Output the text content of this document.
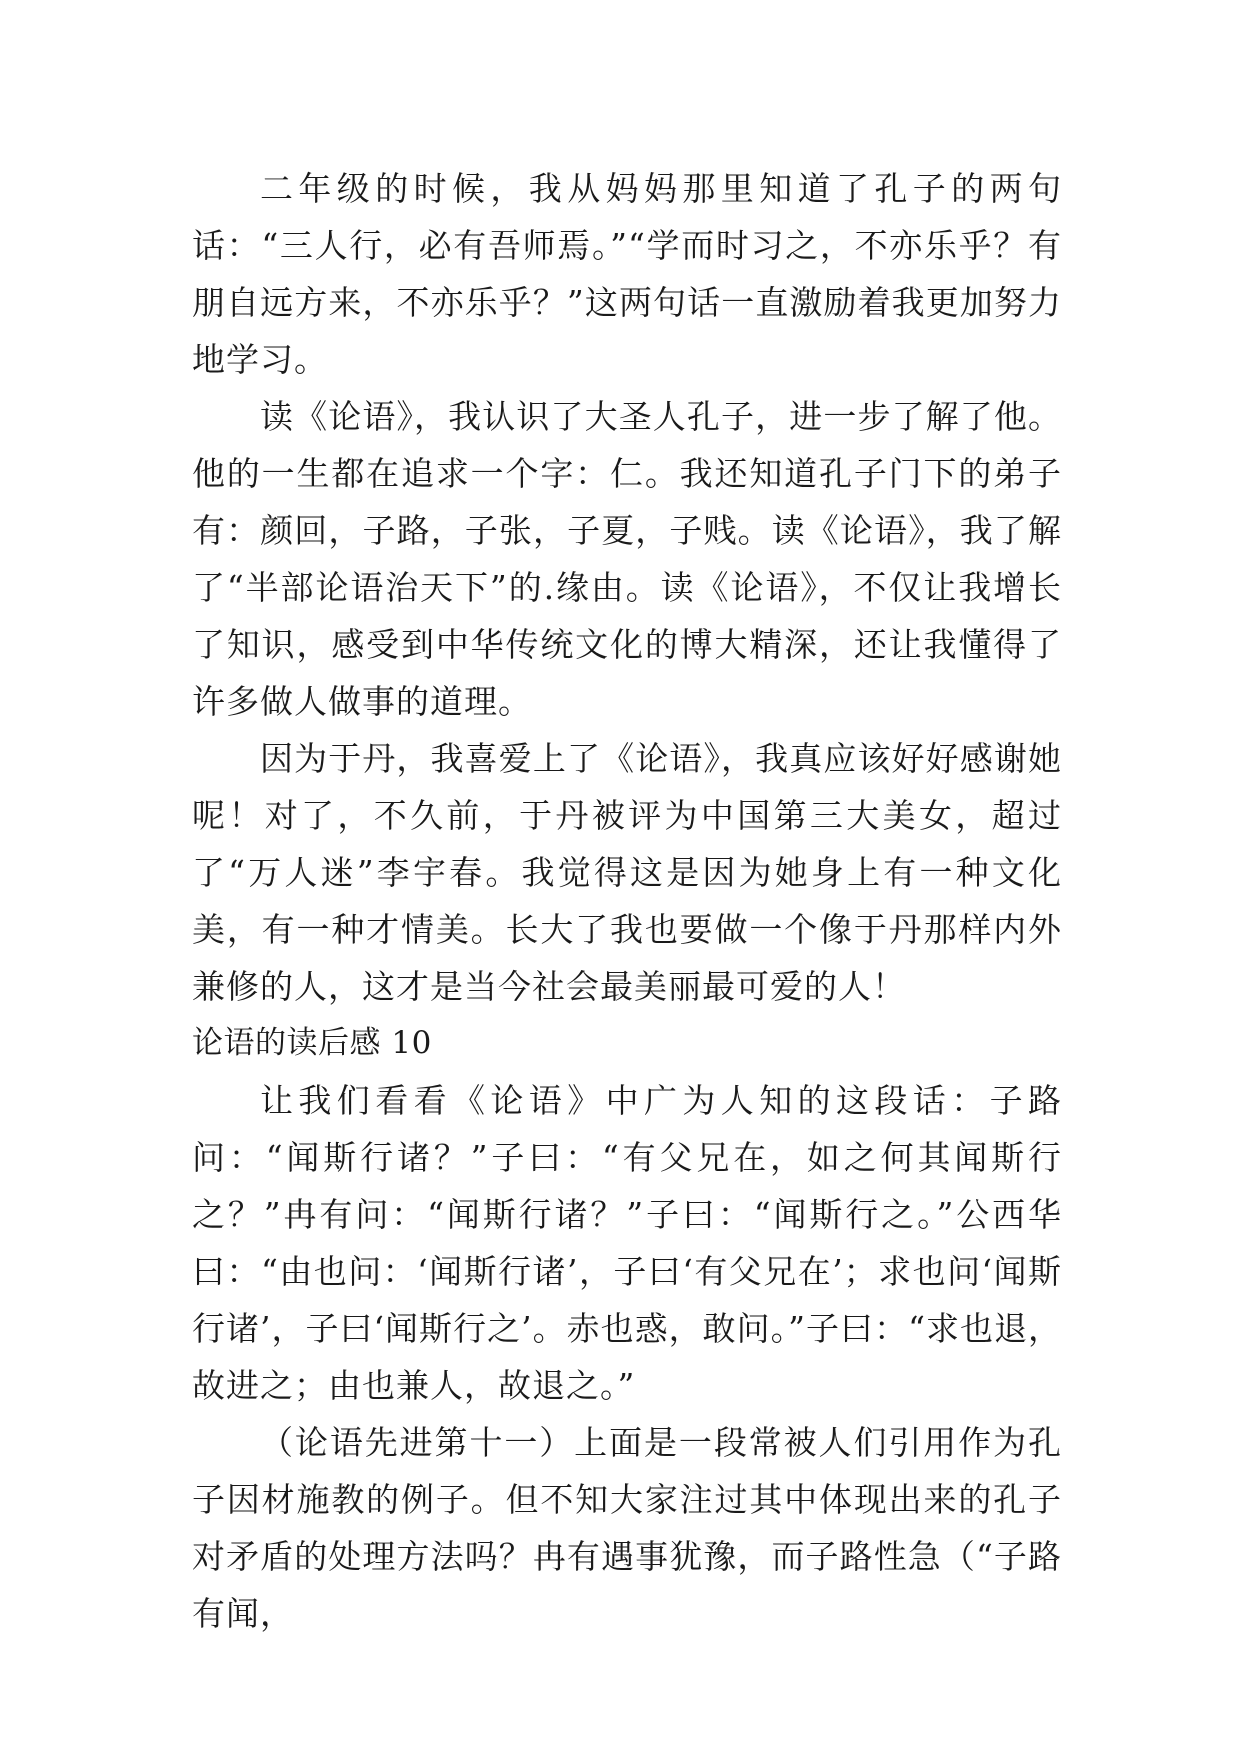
二年级的时候，我从妈妈那里知道了孔子的两句话：“三人行，必有吾师焉。”“学而时习之，不亦乐乎？有朋自远方来，不亦乐乎？”这两句话一直激励着我更加努力地学习。

读《论语》，我认识了大圣人孔子，进一步了解了他。他的一生都在追求一个字：仁。我还知道孔子门下的弟子有：颜回，子路，子张，子夏，子贱。读《论语》，我了解了“半部论语治天下”的.缘由。读《论语》，不仅让我增长了知识，感受到中华传统文化的博大精深，还让我懂得了许多做人做事的道理。

因为于丹，我喜爱上了《论语》，我真应该好好感谢她呢！对了，不久前，于丹被评为中国第三大美女，超过了“万人迷”李宇春。我觉得这是因为她身上有一种文化美，有一种才情美。长大了我也要做一个像于丹那样内外兼修的人，这才是当今社会最美丽最可爱的人！

论语的读后感 10

让我们看看《论语》中广为人知的这段话：子路问：“闻斯行诸？”子曰：“有父兄在，如之何其闻斯行之？”冉有问：“闻斯行诸？”子曰：“闻斯行之。”公西华曰：“由也问：‘闻斯行诸’，子曰‘有父兄在’；求也问‘闻斯行诸’，子曰‘闻斯行之’。赤也惑，敢问。”子曰：“求也退，故进之；由也兼人，故退之。”

（论语先进第十一）上面是一段常被人们引用作为孔子因材施教的例子。但不知大家注过其中体现出来的孔子对矛盾的处理方法吗？冉有遇事犹豫，而子路性急（“子路有闻，
